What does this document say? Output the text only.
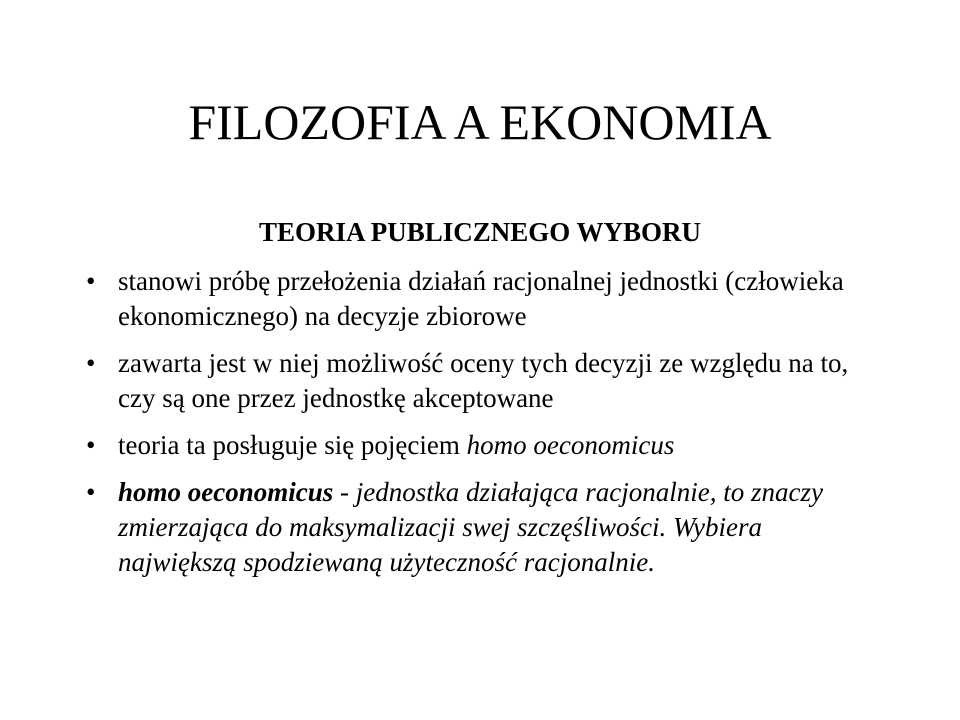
FILOZOFIA A EKONOMIA
TEORIA PUBLICZNEGO WYBORU
• stanowi próbę przełożenia działań racjonalnej jednostki (człowieka ekonomicznego) na decyzje zbiorowe
• zawarta jest w niej możliwość oceny tych decyzji ze względu na to, czy są one przez jednostkę akceptowane
• teoria ta posługuje się pojęciem homo oeconomicus
• homo oeconomicus - jednostka działająca racjonalnie, to znaczy zmierzająca do maksymalizacji swej szczęśliwości. Wybiera największą spodziewaną użyteczność racjonalnie.
